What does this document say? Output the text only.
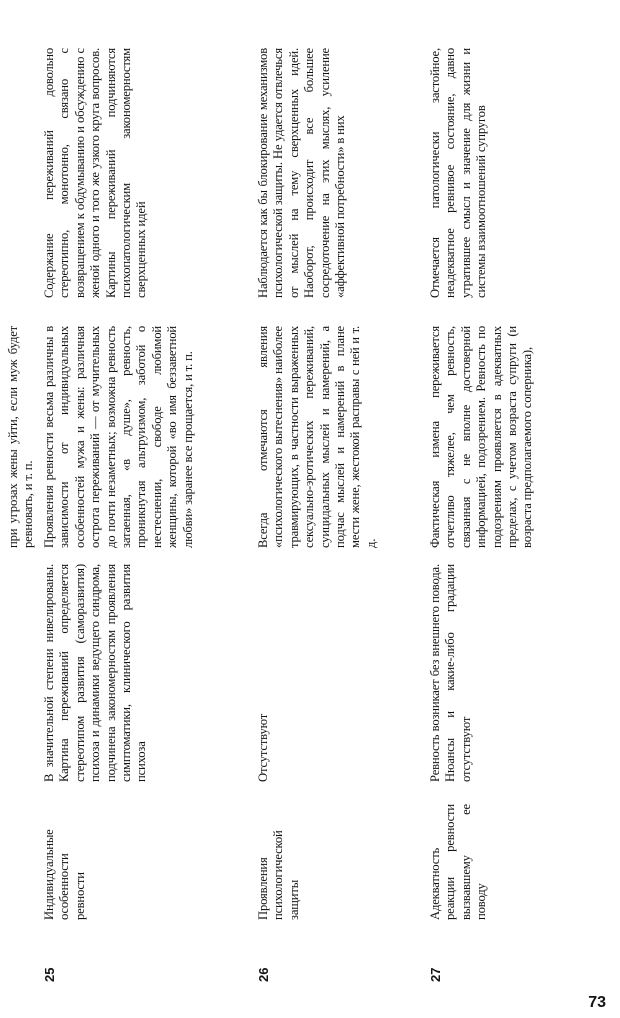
при угрозах жены уйти, если муж будет ревновать, и т. п.

25

Индивидуальные особенности ревности

В значительной степени нивелированы. Картина переживаний определяется стереотипом развития (саморазвития) психоза и динамики ведущего синдрома, подчинена закономерностям проявления симптоматики, клинического развития психоза

Проявления ревности весьма различны в зависимости от индивидуальных особенностей мужа и жены: различная острота переживаний — от мучительных до почти незаметных; возможна ревность затаенная, «в душе», ревность, проникнутая альтруизмом, заботой о нестеснении, свободе любимой женщины, которой «во имя беззаветной любви» заранее все прощается, и т. п.

Содержание переживаний довольно стереотипно, монотонно, связано с возвращением к обдумыванию и обсуждению с женой одного и того же узкого круга вопросов. Картины переживаний подчиняются психопатологическим закономерностям сверхценных идей

26

Проявления психологической защиты

Отсутствуют

Всегда отмечаются явления «психологического вытеснения» наиболее травмирующих, в частности выраженных сексуально-эротических переживаний, суицидальных мыслей и намерений, а подчас мыслей и намерений в плане мести жене, жестокой расправы с ней и т. д.

Наблюдается как бы блокирование механизмов психологической защиты. Не удается отвлечься от мыслей на тему сверхценных идей. Наоборот, происходит все большее сосредоточение на этих мыслях, усиление «аффективной потребности» в них

27

Адекватность реакции ревности вызвавшему ее поводу

Ревность возникает без внешнего повода. Нюансы и какие-либо градации отсутствуют

Фактическая измена переживается отчетливо тяжелее, чем ревность, связанная с не вполне достоверной информацией, подозрением. Ревность по подозрениям проявляется в адекватных пределах, с учетом возраста супруги (и возраста предполагаемого соперника),

Отмечается патологически застойное, неадекватное ревнивое состояние, давно утратившее смысл и значение для жизни и системы взаимоотношений супругов

73
